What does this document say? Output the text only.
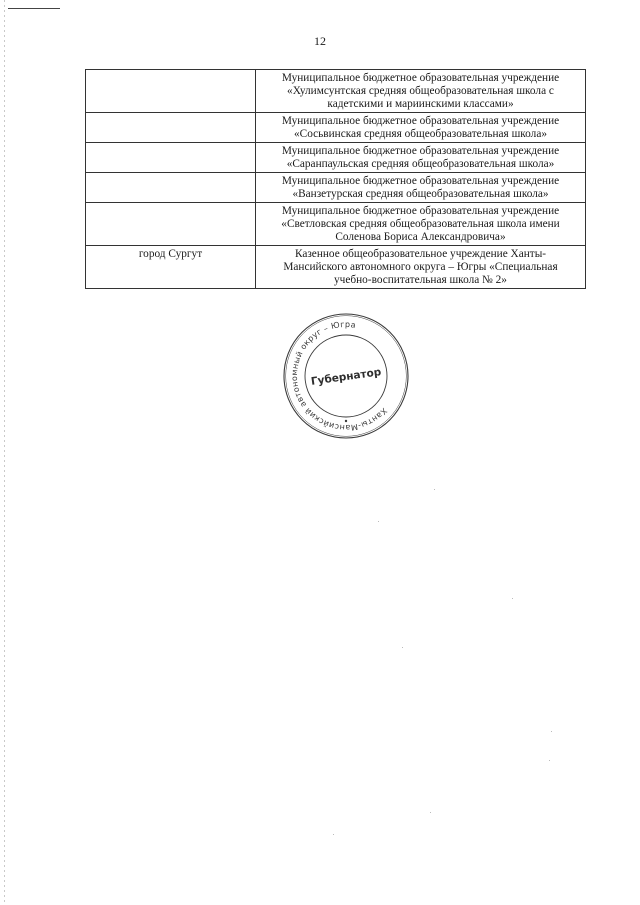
12
	Муниципальное бюджетное образовательная учреждение
«Хулимсунтская средняя общеобразовательная школа с
кадетскими и мариинскими классами»
	Муниципальное бюджетное образовательная учреждение
«Сосьвинская средняя общеобразовательная школа»
	Муниципальное бюджетное образовательная учреждение
«Саранпаульская средняя общеобразовательная школа»
	Муниципальное бюджетное образовательная учреждение
«Ванзетурская средняя общеобразовательная школа»
	Муниципальное бюджетное образовательная учреждение
«Светловская средняя общеобразовательная школа имени
Соленова Бориса Александровича»
город Сургут	Казенное общеобразовательное учреждение Ханты-
Мансийского автономного округа – Югры «Специальная
учебно-воспитательная школа № 2»
Ханты-Мансийский автономный округ – Югра
Губернатор
